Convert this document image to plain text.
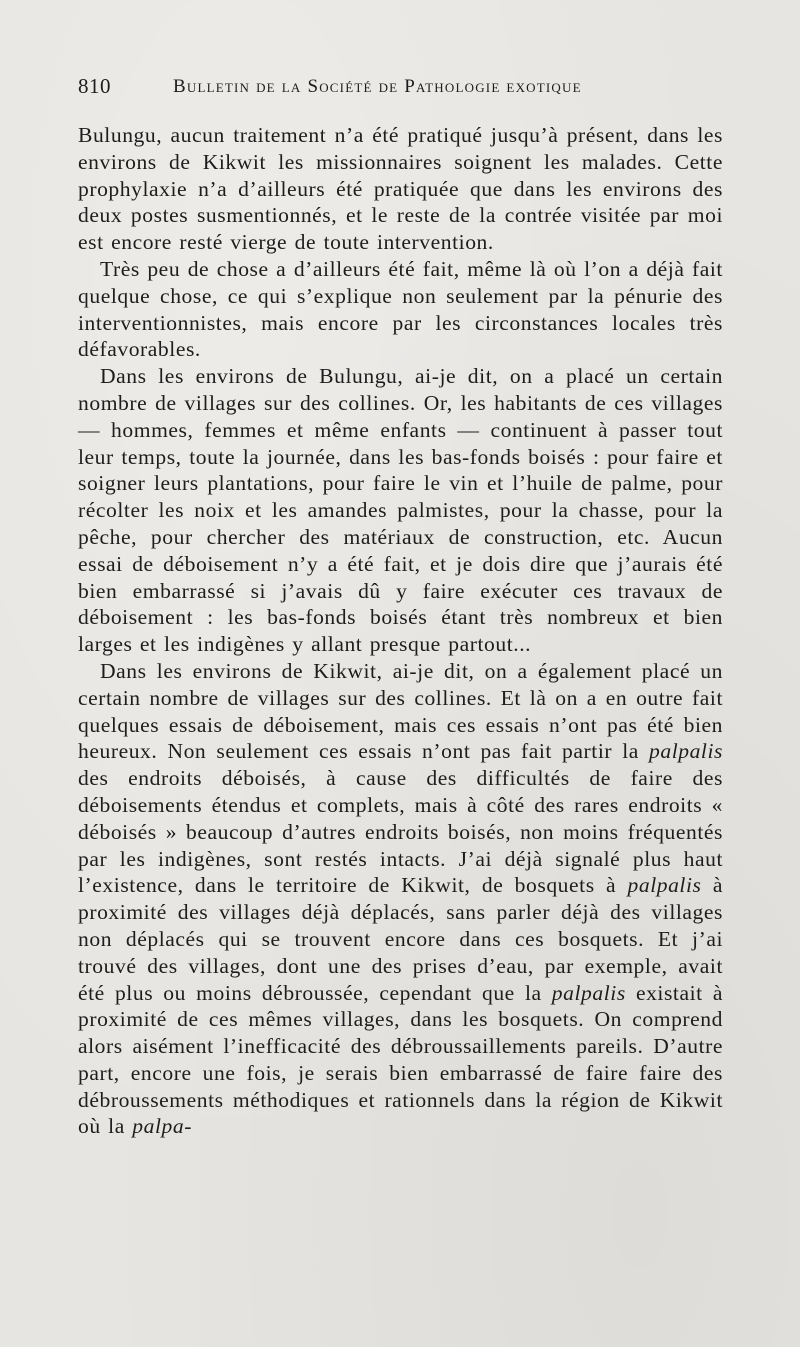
810	Bulletin de la Société de Pathologie exotique

Bulungu, aucun traitement n’a été pratiqué jusqu’à présent, dans les environs de Kikwit les missionnaires soignent les malades. Cette prophylaxie n’a d’ailleurs été pratiquée que dans les environs des deux postes susmentionnés, et le reste de la contrée visitée par moi est encore resté vierge de toute intervention.

Très peu de chose a d’ailleurs été fait, même là où l’on a déjà fait quelque chose, ce qui s’explique non seulement par la pénurie des interventionnistes, mais encore par les circonstances locales très défavorables.

Dans les environs de Bulungu, ai-je dit, on a placé un certain nombre de villages sur des collines. Or, les habitants de ces villages — hommes, femmes et même enfants — continuent à passer tout leur temps, toute la journée, dans les bas-fonds boisés : pour faire et soigner leurs plantations, pour faire le vin et l’huile de palme, pour récolter les noix et les amandes palmistes, pour la chasse, pour la pêche, pour chercher des matériaux de construction, etc. Aucun essai de déboisement n’y a été fait, et je dois dire que j’aurais été bien embarrassé si j’avais dû y faire exécuter ces travaux de déboisement : les bas-fonds boisés étant très nombreux et bien larges et les indigènes y allant presque partout...

Dans les environs de Kikwit, ai-je dit, on a également placé un certain nombre de villages sur des collines. Et là on a en outre fait quelques essais de déboisement, mais ces essais n’ont pas été bien heureux. Non seulement ces essais n’ont pas fait partir la palpalis des endroits déboisés, à cause des difficultés de faire des déboisements étendus et complets, mais à côté des rares endroits « déboisés » beaucoup d’autres endroits boisés, non moins fréquentés par les indigènes, sont restés intacts. J’ai déjà signalé plus haut l’existence, dans le territoire de Kikwit, de bosquets à palpalis à proximité des villages déjà déplacés, sans parler déjà des villages non déplacés qui se trouvent encore dans ces bosquets. Et j’ai trouvé des villages, dont une des prises d’eau, par exemple, avait été plus ou moins débroussée, cependant que la palpalis existait à proximité de ces mêmes villages, dans les bosquets. On comprend alors aisément l’inefficacité des débroussaillements pareils. D’autre part, encore une fois, je serais bien embarrassé de faire faire des débroussements méthodiques et rationnels dans la région de Kikwit où la palpa-
